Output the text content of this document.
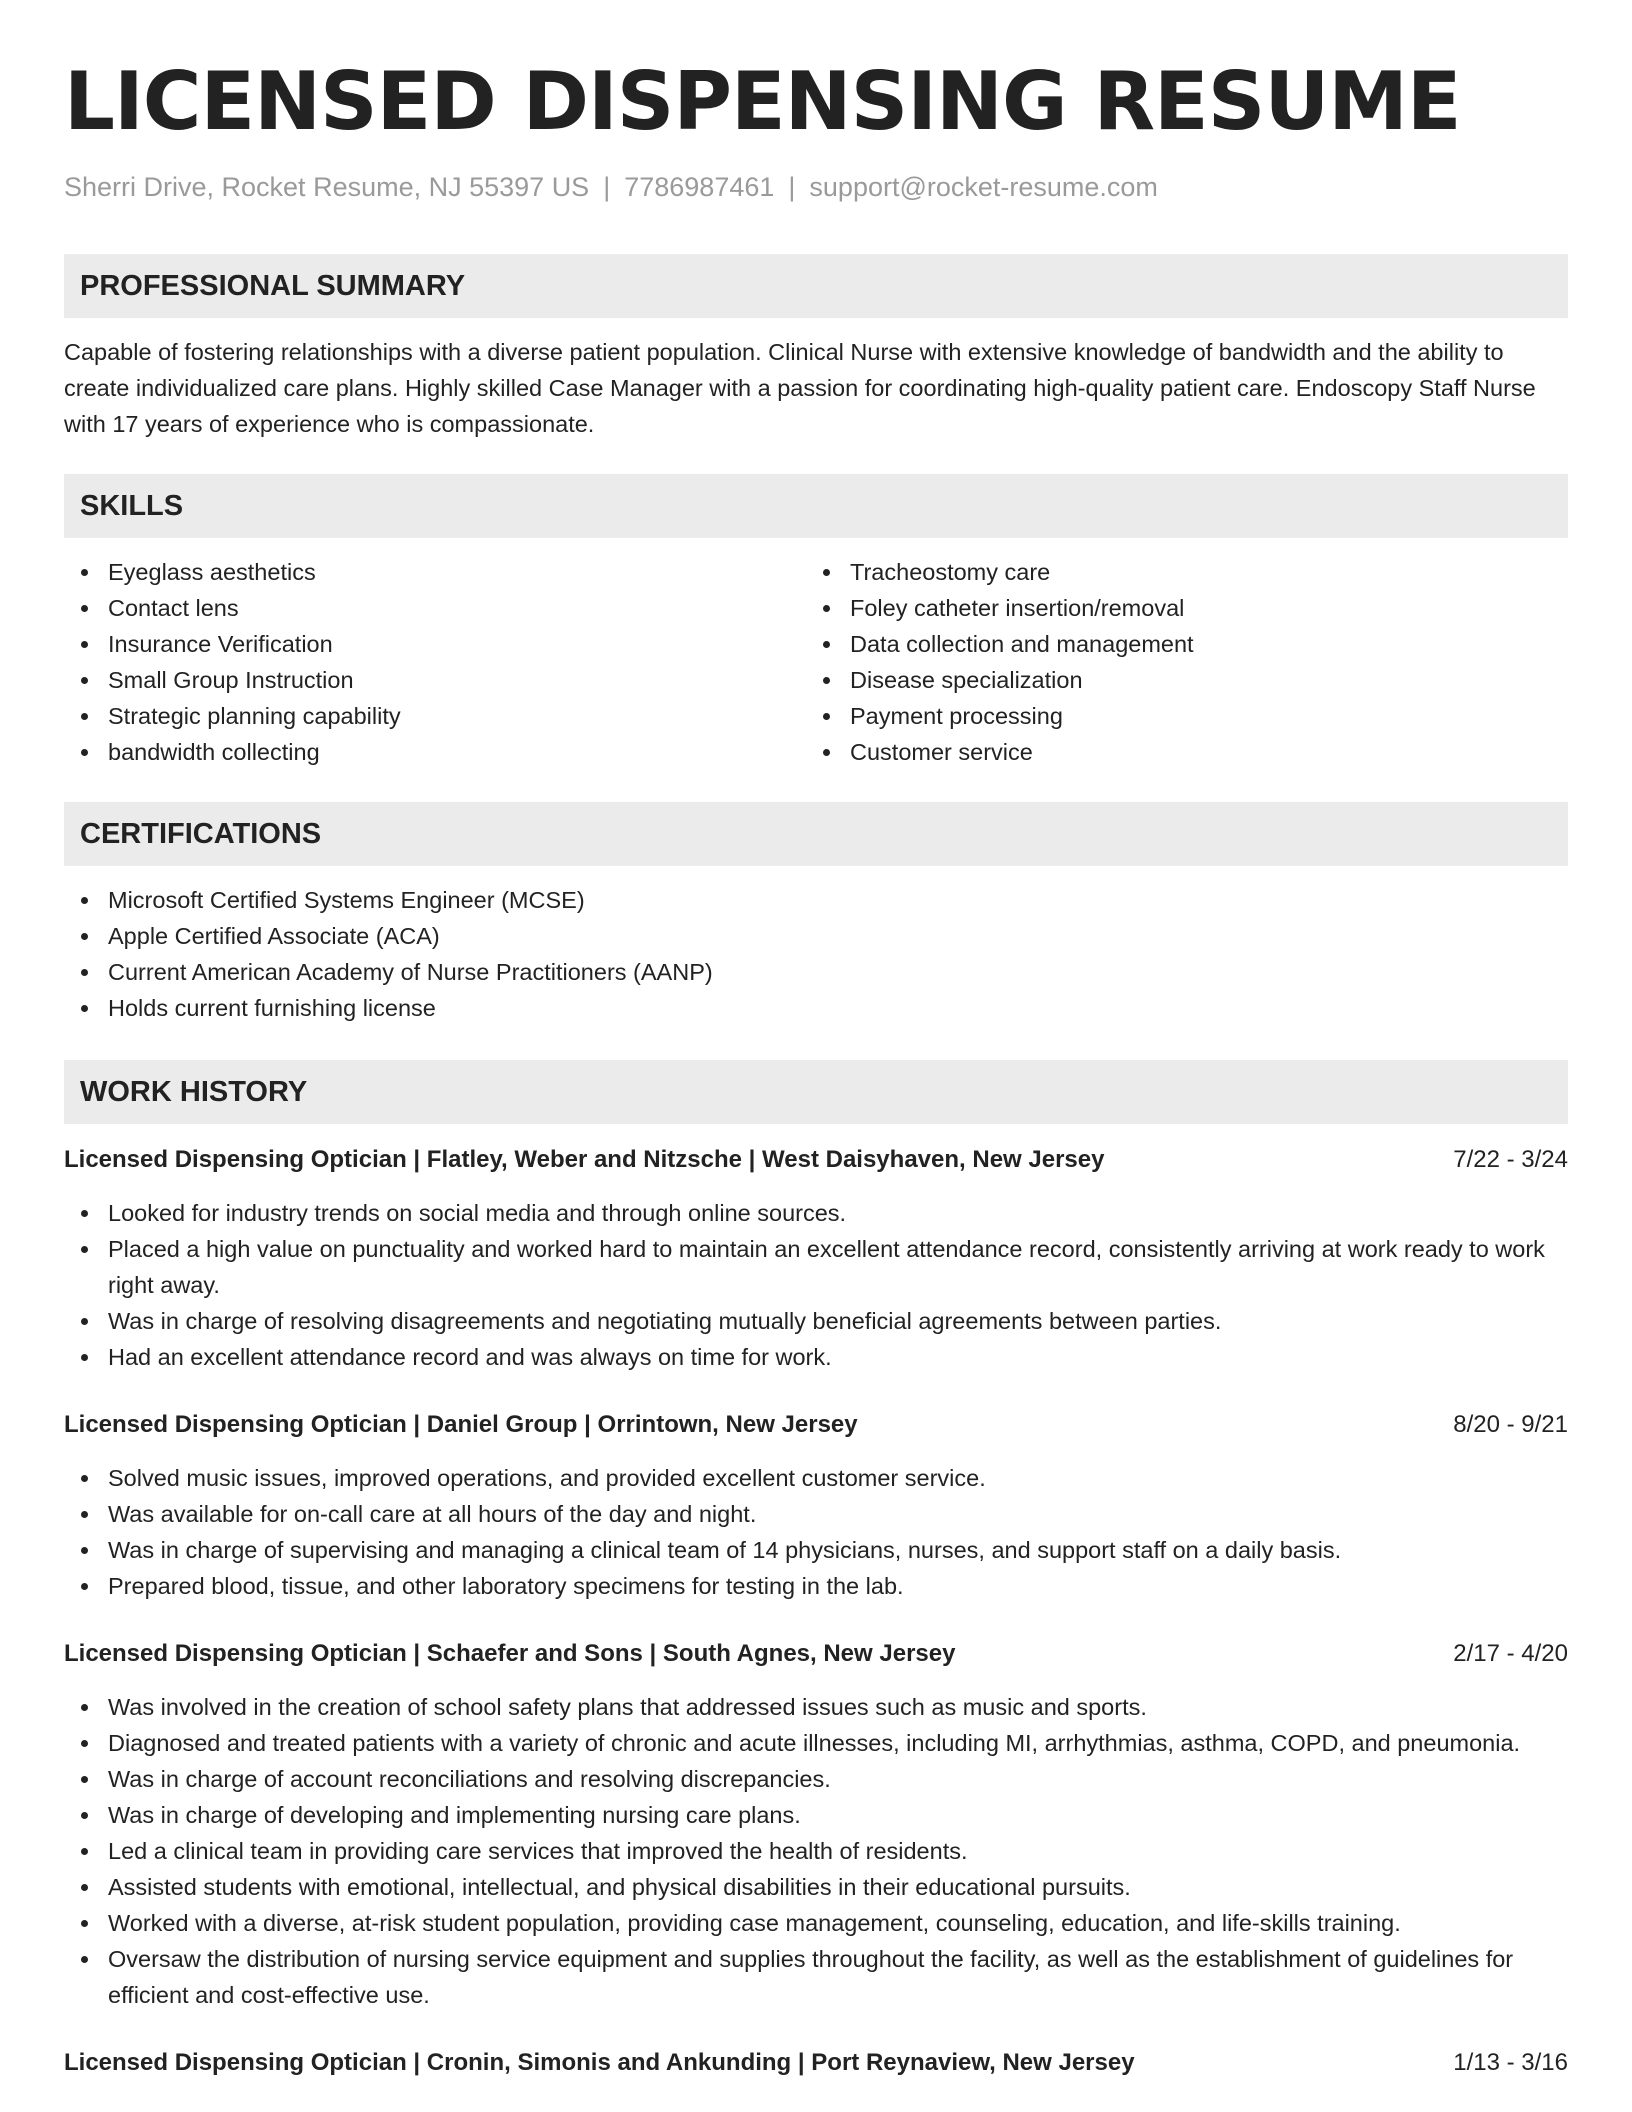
LICENSED DISPENSING RESUME
Sherri Drive, Rocket Resume, NJ 55397 US | 7786987461 | support@rocket-resume.com
PROFESSIONAL SUMMARY

Capable of fostering relationships with a diverse patient population. Clinical Nurse with extensive knowledge of bandwidth and the ability to create individualized care plans. Highly skilled Case Manager with a passion for coordinating high-quality patient care. Endoscopy Staff Nurse with 17 years of experience who is compassionate.

SKILLS
Eyeglass aesthetics
Contact lens
Insurance Verification
Small Group Instruction
Strategic planning capability
bandwidth collecting
Tracheostomy care
Foley catheter insertion/removal
Data collection and management
Disease specialization
Payment processing
Customer service
CERTIFICATIONS
Microsoft Certified Systems Engineer (MCSE)
Apple Certified Associate (ACA)
Current American Academy of Nurse Practitioners (AANP)
Holds current furnishing license
WORK HISTORY
Licensed Dispensing Optician | Flatley, Weber and Nitzsche | West Daisyhaven, New Jersey	7/22 - 3/24
Looked for industry trends on social media and through online sources.
Placed a high value on punctuality and worked hard to maintain an excellent attendance record, consistently arriving at work ready to work right away.
Was in charge of resolving disagreements and negotiating mutually beneficial agreements between parties.
Had an excellent attendance record and was always on time for work.
Licensed Dispensing Optician | Daniel Group | Orrintown, New Jersey	8/20 - 9/21
Solved music issues, improved operations, and provided excellent customer service.
Was available for on-call care at all hours of the day and night.
Was in charge of supervising and managing a clinical team of 14 physicians, nurses, and support staff on a daily basis.
Prepared blood, tissue, and other laboratory specimens for testing in the lab.
Licensed Dispensing Optician | Schaefer and Sons | South Agnes, New Jersey	2/17 - 4/20
Was involved in the creation of school safety plans that addressed issues such as music and sports.
Diagnosed and treated patients with a variety of chronic and acute illnesses, including MI, arrhythmias, asthma, COPD, and pneumonia.
Was in charge of account reconciliations and resolving discrepancies.
Was in charge of developing and implementing nursing care plans.
Led a clinical team in providing care services that improved the health of residents.
Assisted students with emotional, intellectual, and physical disabilities in their educational pursuits.
Worked with a diverse, at-risk student population, providing case management, counseling, education, and life-skills training.
Oversaw the distribution of nursing service equipment and supplies throughout the facility, as well as the establishment of guidelines for efficient and cost-effective use.
Licensed Dispensing Optician | Cronin, Simonis and Ankunding | Port Reynaview, New Jersey	1/13 - 3/16
